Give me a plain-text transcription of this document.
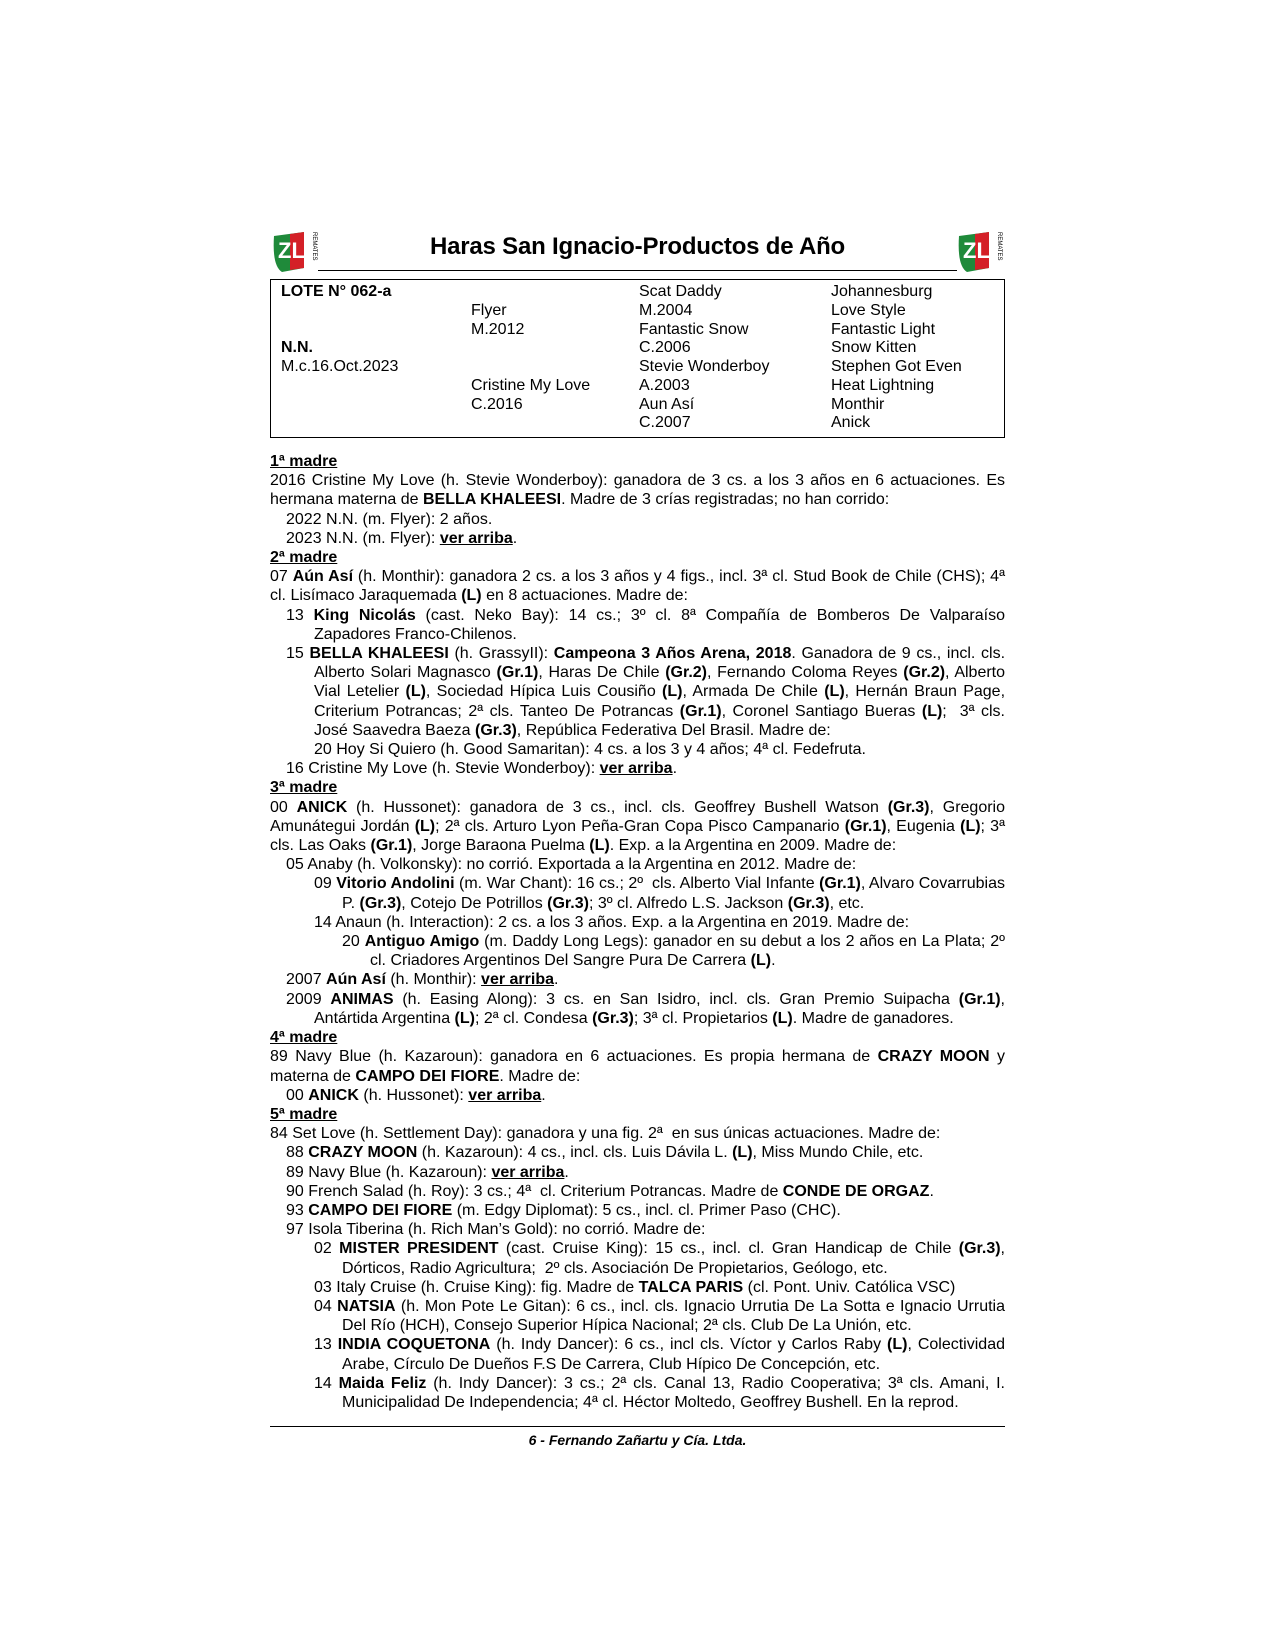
ZL REMATES	Haras San Ignacio-Productos de Año	ZL REMATES
LOTE N° 062-a
N.N.
M.c.16.Oct.2023
Flyer
M.2012
Cristine My Love
C.2016
Scat Daddy
M.2004
Fantastic Snow
C.2006
Stevie Wonderboy
A.2003
Aun Así
C.2007
Johannesburg
Love Style
Fantastic Light
Snow Kitten
Stephen Got Even
Heat Lightning
Monthir
Anick

1ª madre

2016 Cristine My Love (h. Stevie Wonderboy): ganadora de 3 cs. a los 3 años en 6 actuaciones. Es hermana materna de BELLA KHALEESI. Madre de 3 crías registradas; no han corrido:

2022 N.N. (m. Flyer): 2 años.

2023 N.N. (m. Flyer): ver arriba.

2ª madre

07 Aún Así (h. Monthir): ganadora 2 cs. a los 3 años y 4 figs., incl. 3ª cl. Stud Book de Chile (CHS); 4ª cl. Lisímaco Jaraquemada (L) en 8 actuaciones. Madre de:

13 King Nicolás (cast. Neko Bay): 14 cs.; 3º cl. 8ª Compañía de Bomberos De Valparaíso Zapadores Franco-Chilenos.

15 BELLA KHALEESI (h. GrassyII): Campeona 3 Años Arena, 2018. Ganadora de 9 cs., incl. cls. Alberto Solari Magnasco (Gr.1), Haras De Chile (Gr.2), Fernando Coloma Reyes (Gr.2), Alberto Vial Letelier (L), Sociedad Hípica Luis Cousiño (L), Armada De Chile (L), Hernán Braun Page, Criterium Potrancas; 2ª cls. Tanteo De Potrancas (Gr.1), Coronel Santiago Bueras (L);  3ª cls. José Saavedra Baeza (Gr.3), República Federativa Del Brasil. Madre de:

20 Hoy Si Quiero (h. Good Samaritan): 4 cs. a los 3 y 4 años; 4ª cl. Fedefruta.

16 Cristine My Love (h. Stevie Wonderboy): ver arriba.

3ª madre

00 ANICK (h. Hussonet): ganadora de 3 cs., incl. cls. Geoffrey Bushell Watson (Gr.3), Gregorio Amunátegui Jordán (L); 2ª cls. Arturo Lyon Peña-Gran Copa Pisco Campanario (Gr.1), Eugenia (L); 3ª cls. Las Oaks (Gr.1), Jorge Baraona Puelma (L). Exp. a la Argentina en 2009. Madre de:

05 Anaby (h. Volkonsky): no corrió. Exportada a la Argentina en 2012. Madre de:

09 Vitorio Andolini (m. War Chant): 16 cs.; 2º  cls. Alberto Vial Infante (Gr.1), Alvaro Covarrubias P. (Gr.3), Cotejo De Potrillos (Gr.3); 3º cl. Alfredo L.S. Jackson (Gr.3), etc.

14 Anaun (h. Interaction): 2 cs. a los 3 años. Exp. a la Argentina en 2019. Madre de:

20 Antiguo Amigo (m. Daddy Long Legs): ganador en su debut a los 2 años en La Plata; 2º cl. Criadores Argentinos Del Sangre Pura De Carrera (L).

2007 Aún Así (h. Monthir): ver arriba.

2009 ANIMAS (h. Easing Along): 3 cs. en San Isidro, incl. cls. Gran Premio Suipacha (Gr.1), Antártida Argentina (L); 2ª cl. Condesa (Gr.3); 3ª cl. Propietarios (L). Madre de ganadores.

4ª madre

89 Navy Blue (h. Kazaroun): ganadora en 6 actuaciones. Es propia hermana de CRAZY MOON y materna de CAMPO DEI FIORE. Madre de:

00 ANICK (h. Hussonet): ver arriba.

5ª madre

84 Set Love (h. Settlement Day): ganadora y una fig. 2ª  en sus únicas actuaciones. Madre de:

88 CRAZY MOON (h. Kazaroun): 4 cs., incl. cls. Luis Dávila L. (L), Miss Mundo Chile, etc.

89 Navy Blue (h. Kazaroun): ver arriba.

90 French Salad (h. Roy): 3 cs.; 4ª  cl. Criterium Potrancas. Madre de CONDE DE ORGAZ.

93 CAMPO DEI FIORE (m. Edgy Diplomat): 5 cs., incl. cl. Primer Paso (CHC).

97 Isola Tiberina (h. Rich Man’s Gold): no corrió. Madre de:

02 MISTER PRESIDENT (cast. Cruise King): 15 cs., incl. cl. Gran Handicap de Chile (Gr.3), Dórticos, Radio Agricultura;  2º cls. Asociación De Propietarios, Geólogo, etc.

03 Italy Cruise (h. Cruise King): fig. Madre de TALCA PARIS (cl. Pont. Univ. Católica VSC)

04 NATSIA (h. Mon Pote Le Gitan): 6 cs., incl. cls. Ignacio Urrutia De La Sotta e Ignacio Urrutia Del Río (HCH), Consejo Superior Hípica Nacional; 2ª cls. Club De La Unión, etc.

13 INDIA COQUETONA (h. Indy Dancer): 6 cs., incl cls. Víctor y Carlos Raby (L), Colectividad Arabe, Círculo De Dueños F.S De Carrera, Club Hípico De Concepción, etc.

14 Maida Feliz (h. Indy Dancer): 3 cs.; 2ª cls. Canal 13, Radio Cooperativa; 3ª cls. Amani, I. Municipalidad De Independencia; 4ª cl. Héctor Moltedo, Geoffrey Bushell. En la reprod.

6 - Fernando Zañartu y Cía. Ltda.
